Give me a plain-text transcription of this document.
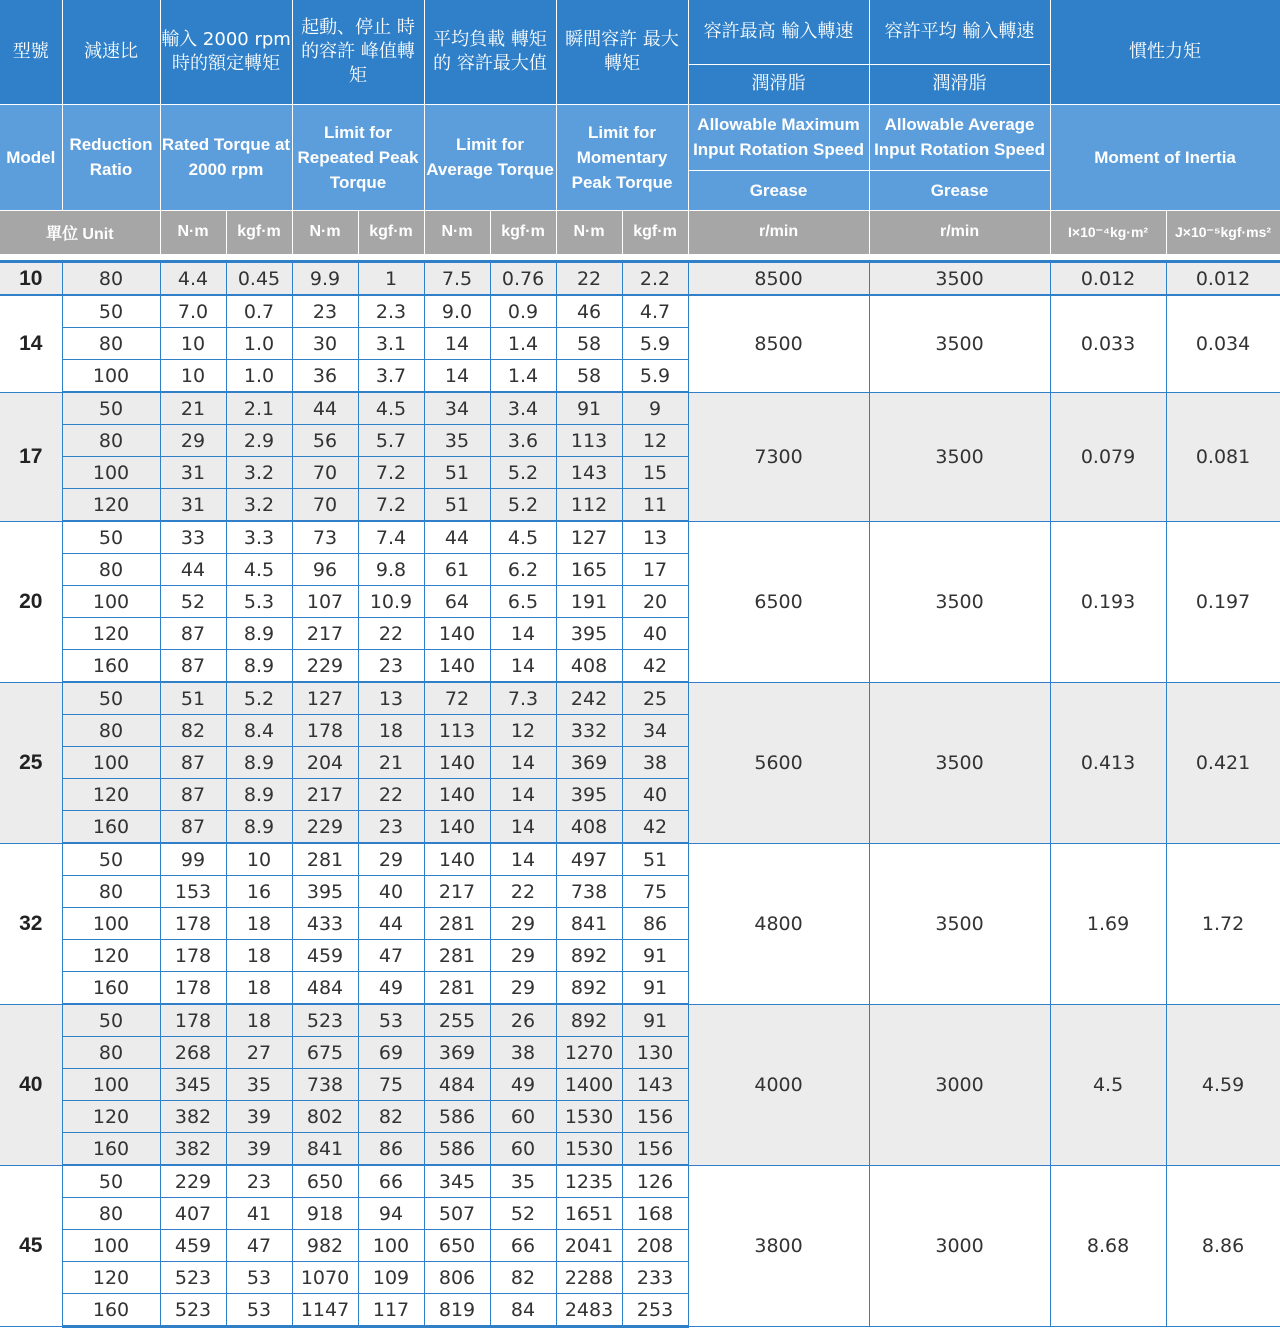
型號	減速比	輸入 2000 rpm 時的額定轉矩		起動、停止 時的容許 峰值轉矩		平均負載 轉矩的 容許最大值		瞬間容許 最大轉矩		容許最高 輸入轉速	容許平均 輸入轉速	慣性力矩	
										潤滑脂	潤滑脂		
Model	Reduction Ratio	Rated Torque at 2000 rpm		Limit for Repeated Peak Torque		Limit for Average Torque		Limit for Momentary Peak Torque		Allowable Maximum Input Rotation Speed	Allowable Average Input Rotation Speed	Moment of Inertia	
										Grease	Grease		
單位 Unit		N·m	kgf·m	N·m	kgf·m	N·m	kgf·m	N·m	kgf·m	r/min	r/min	I×10⁻⁴kg·m²	J×10⁻⁵kgf·ms²

10	80	4.4	0.45	9.9	1	7.5	0.76	22	2.2	8500	3500	0.012	0.012
14	50	7.0	0.7	23	2.3	9.0	0.9	46	4.7	8500	3500	0.033	0.034
	80	10	1.0	30	3.1	14	1.4	58	5.9				
	100	10	1.0	36	3.7	14	1.4	58	5.9				
17	50	21	2.1	44	4.5	34	3.4	91	9	7300	3500	0.079	0.081
	80	29	2.9	56	5.7	35	3.6	113	12				
	100	31	3.2	70	7.2	51	5.2	143	15				
	120	31	3.2	70	7.2	51	5.2	112	11				
20	50	33	3.3	73	7.4	44	4.5	127	13	6500	3500	0.193	0.197
	80	44	4.5	96	9.8	61	6.2	165	17				
	100	52	5.3	107	10.9	64	6.5	191	20				
	120	87	8.9	217	22	140	14	395	40				
	160	87	8.9	229	23	140	14	408	42				
25	50	51	5.2	127	13	72	7.3	242	25	5600	3500	0.413	0.421
	80	82	8.4	178	18	113	12	332	34				
	100	87	8.9	204	21	140	14	369	38				
	120	87	8.9	217	22	140	14	395	40				
	160	87	8.9	229	23	140	14	408	42				
32	50	99	10	281	29	140	14	497	51	4800	3500	1.69	1.72
	80	153	16	395	40	217	22	738	75				
	100	178	18	433	44	281	29	841	86				
	120	178	18	459	47	281	29	892	91				
	160	178	18	484	49	281	29	892	91				
40	50	178	18	523	53	255	26	892	91	4000	3000	4.5	4.59
	80	268	27	675	69	369	38	1270	130				
	100	345	35	738	75	484	49	1400	143				
	120	382	39	802	82	586	60	1530	156				
	160	382	39	841	86	586	60	1530	156				
45	50	229	23	650	66	345	35	1235	126	3800	3000	8.68	8.86
	80	407	41	918	94	507	52	1651	168				
	100	459	47	982	100	650	66	2041	208				
	120	523	53	1070	109	806	82	2288	233				
	160	523	53	1147	117	819	84	2483	253				
